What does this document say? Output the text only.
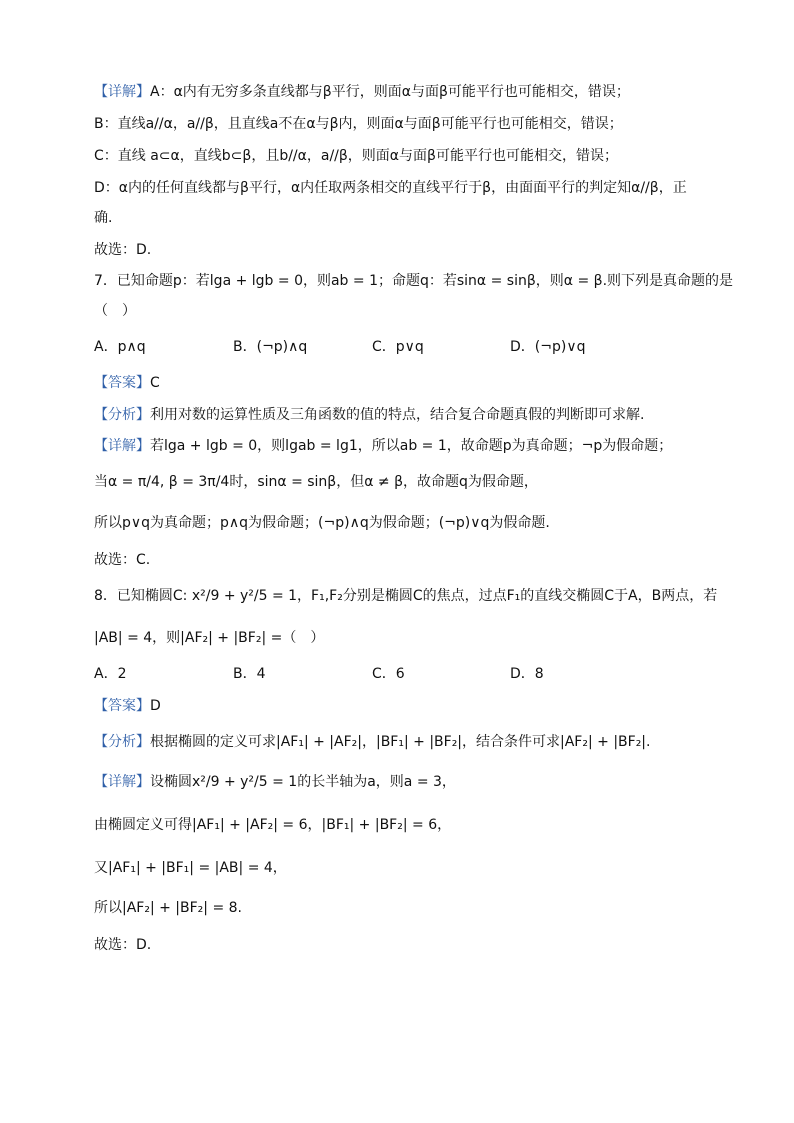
【详解】A：α内有无穷多条直线都与β平行，则面α与面β可能平行也可能相交，错误；
B：直线a//α，a//β，且直线a不在α与β内，则面α与面β可能平行也可能相交，错误；
C：直线 a⊂α，直线b⊂β，且b//α，a//β，则面α与面β可能平行也可能相交，错误；
D：α内的任何直线都与β平行，α内任取两条相交的直线平行于β，由面面平行的判定知α//β，正
确.
故选：D.
7．已知命题p：若lga + lgb = 0，则ab = 1；命题q：若sinα = sinβ，则α = β.则下列是真命题的是
（　）
A．p∧q	B．(¬p)∧q	C．p∨q	D．(¬p)∨q
【答案】C
【分析】利用对数的运算性质及三角函数的值的特点，结合复合命题真假的判断即可求解.
【详解】若lga + lgb = 0，则lgab = lg1，所以ab = 1，故命题p为真命题；¬p为假命题；
当α = π/4, β = 3π/4时，sinα = sinβ，但α ≠ β，故命题q为假命题，
所以p∨q为真命题；p∧q为假命题；(¬p)∧q为假命题；(¬p)∨q为假命题.
故选：C.
8．已知椭圆C: x²/9 + y²/5 = 1，F₁,F₂分别是椭圆C的焦点，过点F₁的直线交椭圆C于A，B两点，若
|AB| = 4，则|AF₂| + |BF₂| =（　）
A．2	B．4	C．6	D．8
【答案】D
【分析】根据椭圆的定义可求|AF₁| + |AF₂|，|BF₁| + |BF₂|，结合条件可求|AF₂| + |BF₂|.
【详解】设椭圆x²/9 + y²/5 = 1的长半轴为a，则a = 3，
由椭圆定义可得|AF₁| + |AF₂| = 6，|BF₁| + |BF₂| = 6，
又|AF₁| + |BF₁| = |AB| = 4，
所以|AF₂| + |BF₂| = 8.
故选：D.
